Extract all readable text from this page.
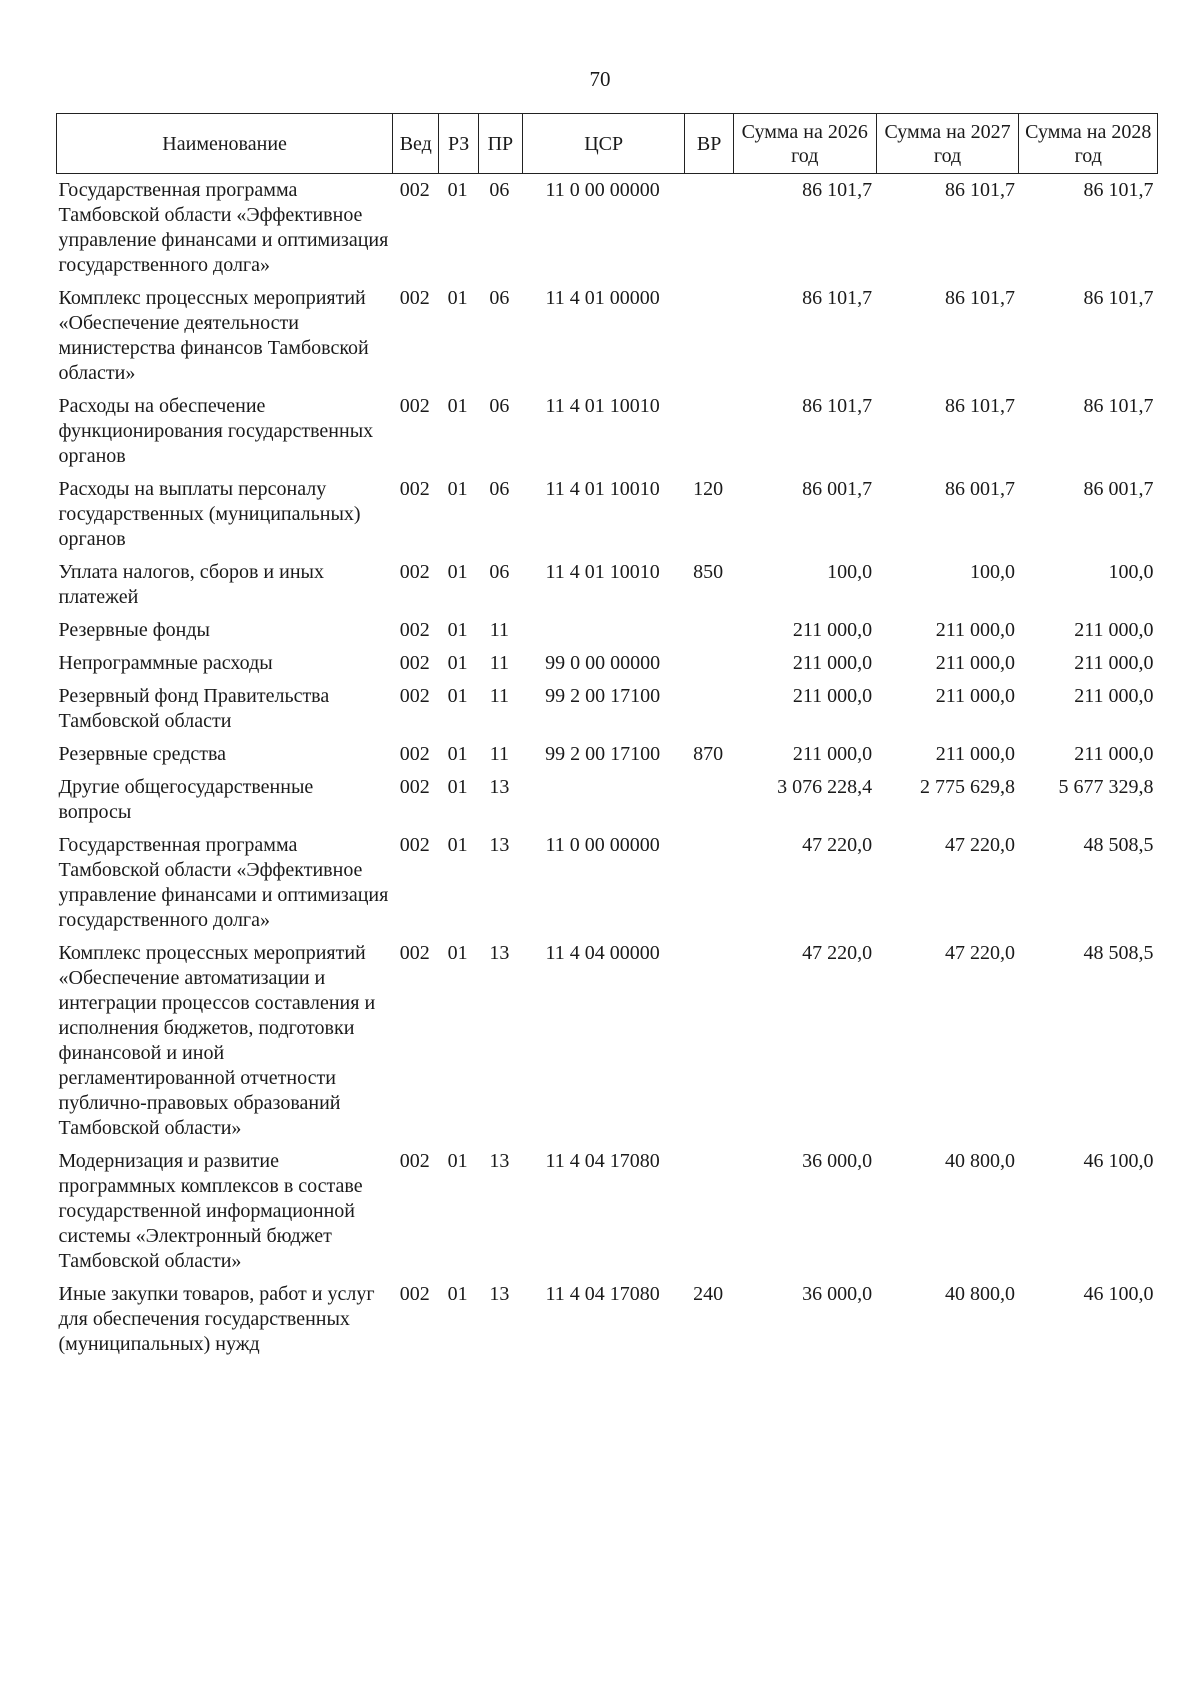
70
Наименование	Вед	РЗ	ПР	ЦСР	ВР	Сумма на 2026 год	Сумма на 2027 год	Сумма на 2028 год
Государственная программа Тамбовской области «Эффективное управление финансами и оптимизация государственного долга»	002	01	06	11 0 00 00000		86 101,7	86 101,7	86 101,7
Комплекс процессных мероприятий «Обеспечение деятельности министерства финансов Тамбовской области»	002	01	06	11 4 01 00000		86 101,7	86 101,7	86 101,7
Расходы на обеспечение функционирования государственных органов	002	01	06	11 4 01 10010		86 101,7	86 101,7	86 101,7
Расходы на выплаты персоналу государственных (муниципальных) органов	002	01	06	11 4 01 10010	120	86 001,7	86 001,7	86 001,7
Уплата налогов, сборов и иных платежей	002	01	06	11 4 01 10010	850	100,0	100,0	100,0
Резервные фонды	002	01	11			211 000,0	211 000,0	211 000,0
Непрограммные расходы	002	01	11	99 0 00 00000		211 000,0	211 000,0	211 000,0
Резервный фонд Правительства Тамбовской области	002	01	11	99 2 00 17100		211 000,0	211 000,0	211 000,0
Резервные средства	002	01	11	99 2 00 17100	870	211 000,0	211 000,0	211 000,0
Другие общегосударственные вопросы	002	01	13			3 076 228,4	2 775 629,8	5 677 329,8
Государственная программа Тамбовской области «Эффективное управление финансами и оптимизация государственного долга»	002	01	13	11 0 00 00000		47 220,0	47 220,0	48 508,5
Комплекс процессных мероприятий «Обеспечение автоматизации и интеграции процессов составления и исполнения бюджетов, подготовки финансовой и иной регламентированной отчетности публично-правовых образований Тамбовской области»	002	01	13	11 4 04 00000		47 220,0	47 220,0	48 508,5
Модернизация и развитие программных комплексов в составе государственной информационной системы «Электронный бюджет Тамбовской области»	002	01	13	11 4 04 17080		36 000,0	40 800,0	46 100,0
Иные закупки товаров, работ и услуг для обеспечения государственных (муниципальных) нужд	002	01	13	11 4 04 17080	240	36 000,0	40 800,0	46 100,0
